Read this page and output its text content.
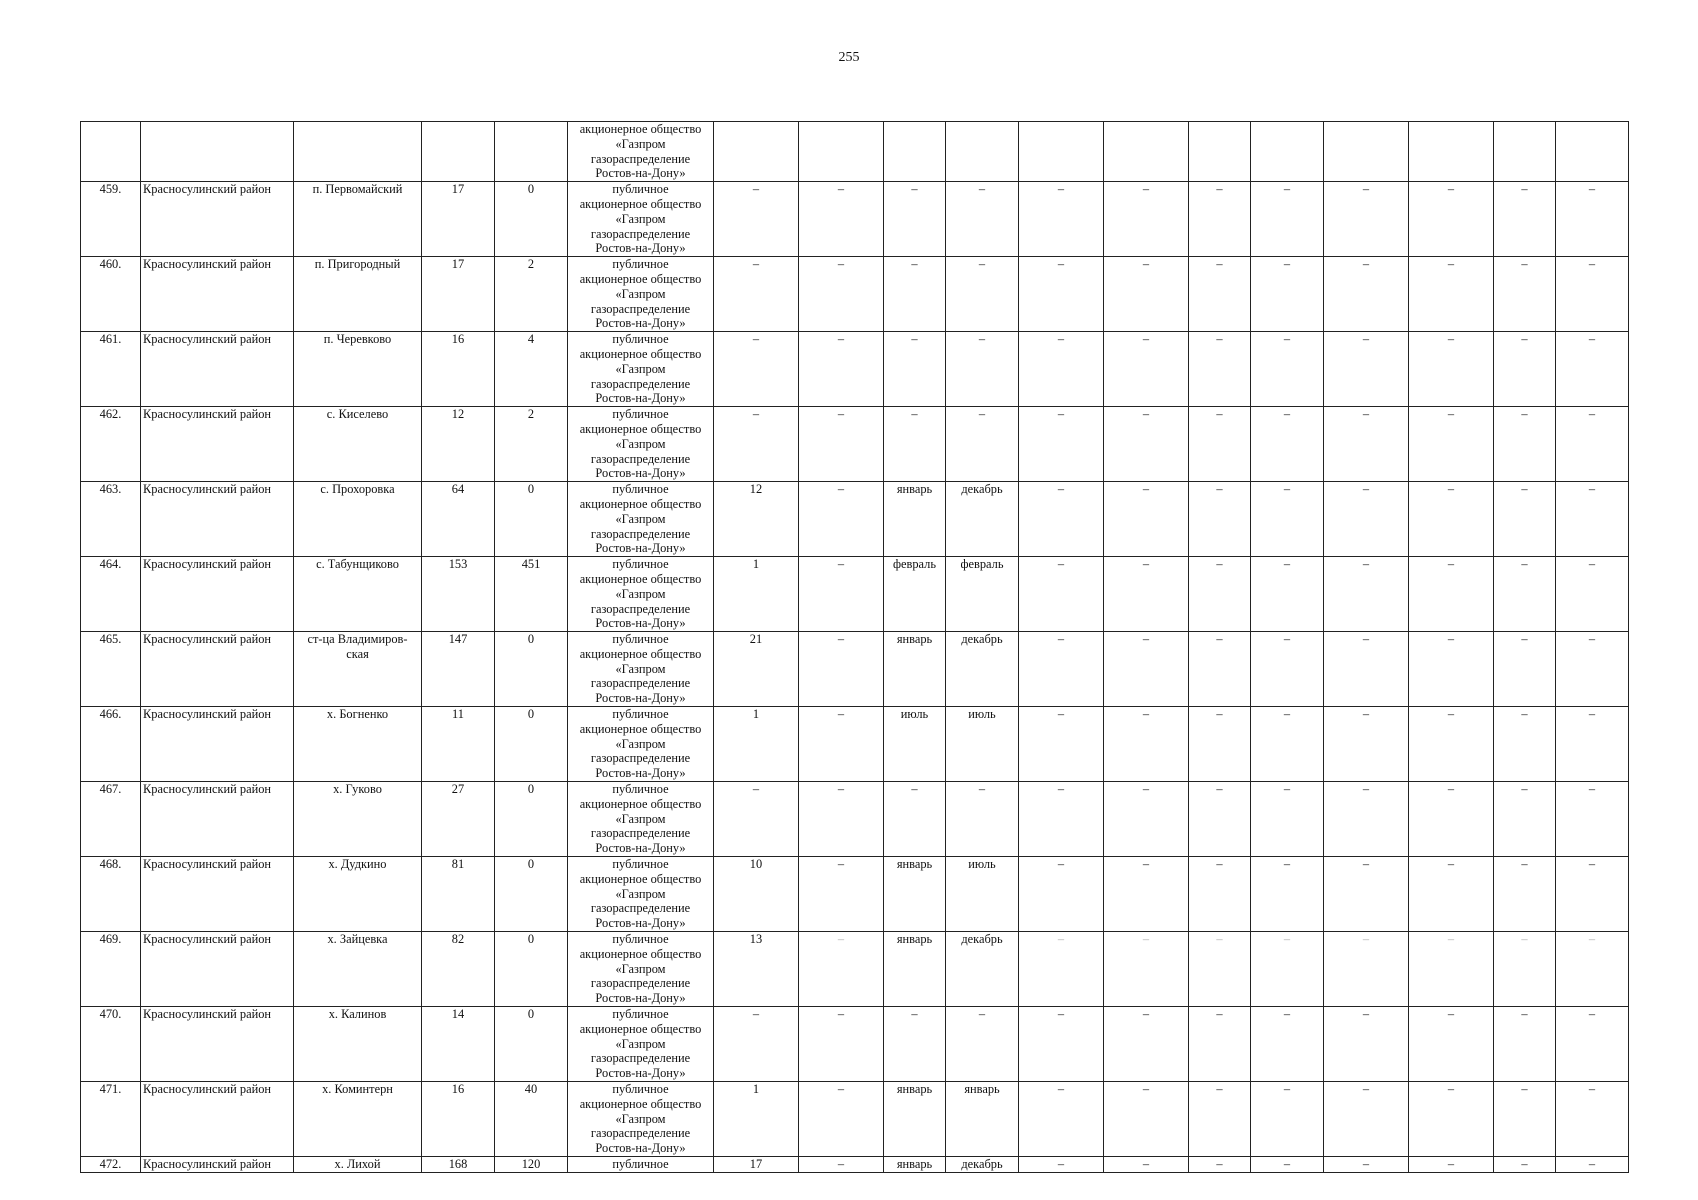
255
					акционерное общество
«Газпром
газораспределение
Ростов-на-Дону»												
459.	Красносулинский район	п. Первомайский	17	0	публичное
акционерное общество
«Газпром
газораспределение
Ростов-на-Дону»	–	–	–	–	–	–	–	–	–	–	–	–
460.	Красносулинский район	п. Пригородный	17	2	публичное
акционерное общество
«Газпром
газораспределение
Ростов-на-Дону»	–	–	–	–	–	–	–	–	–	–	–	–
461.	Красносулинский район	п. Черевково	16	4	публичное
акционерное общество
«Газпром
газораспределение
Ростов-на-Дону»	–	–	–	–	–	–	–	–	–	–	–	–
462.	Красносулинский район	с. Киселево	12	2	публичное
акционерное общество
«Газпром
газораспределение
Ростов-на-Дону»	–	–	–	–	–	–	–	–	–	–	–	–
463.	Красносулинский район	с. Прохоровка	64	0	публичное
акционерное общество
«Газпром
газораспределение
Ростов-на-Дону»	12	–	январь	декабрь	–	–	–	–	–	–	–	–
464.	Красносулинский район	с. Табунщиково	153	451	публичное
акционерное общество
«Газпром
газораспределение
Ростов-на-Дону»	1	–	февраль	февраль	–	–	–	–	–	–	–	–
465.	Красносулинский район	ст-ца Владимиров-
ская	147	0	публичное
акционерное общество
«Газпром
газораспределение
Ростов-на-Дону»	21	–	январь	декабрь	–	–	–	–	–	–	–	–
466.	Красносулинский район	х. Богненко	11	0	публичное
акционерное общество
«Газпром
газораспределение
Ростов-на-Дону»	1	–	июль	июль	–	–	–	–	–	–	–	–
467.	Красносулинский район	х. Гуково	27	0	публичное
акционерное общество
«Газпром
газораспределение
Ростов-на-Дону»	–	–	–	–	–	–	–	–	–	–	–	–
468.	Красносулинский район	х. Дудкино	81	0	публичное
акционерное общество
«Газпром
газораспределение
Ростов-на-Дону»	10	–	январь	июль	–	–	–	–	–	–	–	–
469.	Красносулинский район	х. Зайцевка	82	0	публичное
акционерное общество
«Газпром
газораспределение
Ростов-на-Дону»	13	–	январь	декабрь	–	–	–	–	–	–	–	–
470.	Красносулинский район	х. Калинов	14	0	публичное
акционерное общество
«Газпром
газораспределение
Ростов-на-Дону»	–	–	–	–	–	–	–	–	–	–	–	–
471.	Красносулинский район	х. Коминтерн	16	40	публичное
акционерное общество
«Газпром
газораспределение
Ростов-на-Дону»	1	–	январь	январь	–	–	–	–	–	–	–	–
472.	Красносулинский район	х. Лихой	168	120	публичное	17	–	январь	декабрь	–	–	–	–	–	–	–	–
